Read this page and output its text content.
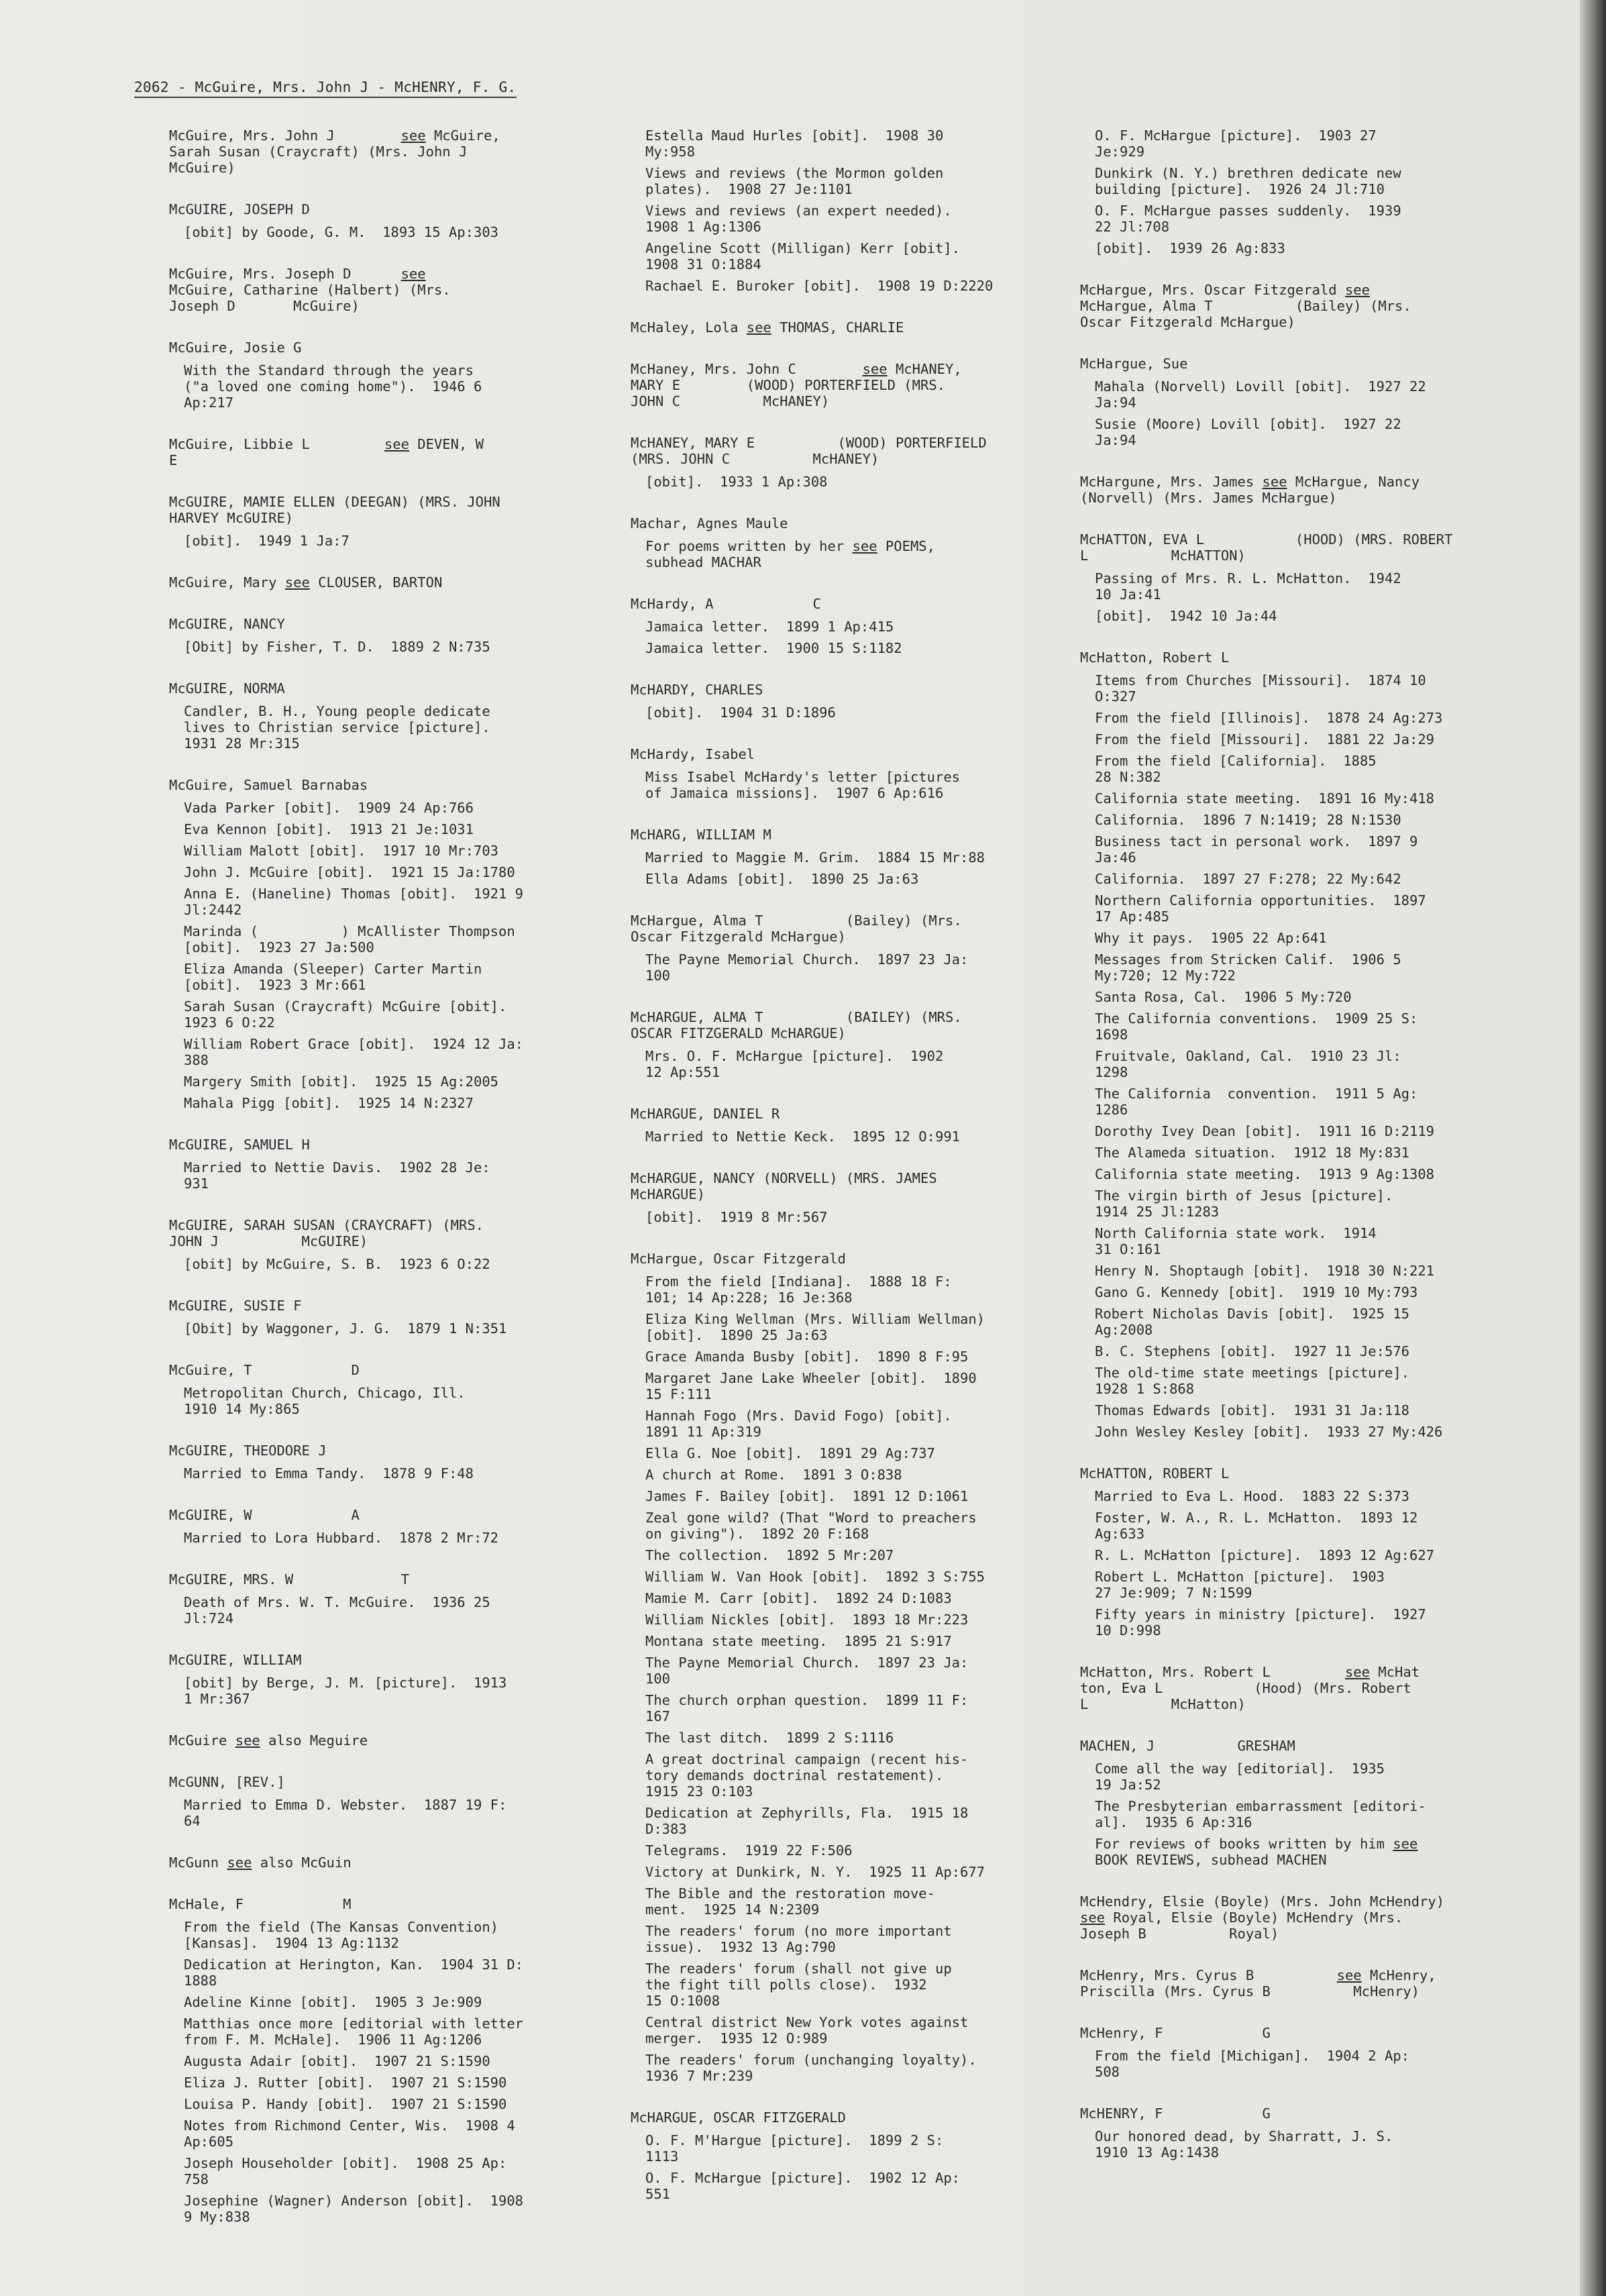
2062 - McGuire, Mrs. John J - McHENRY, F. G.
McGuire, Mrs. John J        see McGuire,
Sarah Susan (Craycraft) (Mrs. John J
McGuire)
McGUIRE, JOSEPH D
[obit] by Goode, G. M.  1893 15 Ap:303
McGuire, Mrs. Joseph D      see
McGuire, Catharine (Halbert) (Mrs.
Joseph D       McGuire)
McGuire, Josie G
With the Standard through the years
("a loved one coming home").  1946 6
Ap:217
McGuire, Libbie L         see DEVEN, W
E
McGUIRE, MAMIE ELLEN (DEEGAN) (MRS. JOHN
HARVEY McGUIRE)
[obit].  1949 1 Ja:7
McGuire, Mary see CLOUSER, BARTON
McGUIRE, NANCY
[Obit] by Fisher, T. D.  1889 2 N:735
McGUIRE, NORMA
Candler, B. H., Young people dedicate
lives to Christian service [picture].
1931 28 Mr:315
McGuire, Samuel Barnabas
Vada Parker [obit].  1909 24 Ap:766
Eva Kennon [obit].  1913 21 Je:1031
William Malott [obit].  1917 10 Mr:703
John J. McGuire [obit].  1921 15 Ja:1780
Anna E. (Haneline) Thomas [obit].  1921 9
Jl:2442
Marinda (          ) McAllister Thompson
[obit].  1923 27 Ja:500
Eliza Amanda (Sleeper) Carter Martin
[obit].  1923 3 Mr:661
Sarah Susan (Craycraft) McGuire [obit].
1923 6 O:22
William Robert Grace [obit].  1924 12 Ja:
388
Margery Smith [obit].  1925 15 Ag:2005
Mahala Pigg [obit].  1925 14 N:2327
McGUIRE, SAMUEL H
Married to Nettie Davis.  1902 28 Je:
931
McGUIRE, SARAH SUSAN (CRAYCRAFT) (MRS.
JOHN J          McGUIRE)
[obit] by McGuire, S. B.  1923 6 O:22
McGUIRE, SUSIE F
[Obit] by Waggoner, J. G.  1879 1 N:351
McGuire, T            D
Metropolitan Church, Chicago, Ill.
1910 14 My:865
McGUIRE, THEODORE J
Married to Emma Tandy.  1878 9 F:48
McGUIRE, W            A
Married to Lora Hubbard.  1878 2 Mr:72
McGUIRE, MRS. W             T
Death of Mrs. W. T. McGuire.  1936 25
Jl:724
McGUIRE, WILLIAM
[obit] by Berge, J. M. [picture].  1913
1 Mr:367
McGuire see also Meguire
McGUNN, [REV.]
Married to Emma D. Webster.  1887 19 F:
64
McGunn see also McGuin
McHale, F            M
From the field (The Kansas Convention)
[Kansas].  1904 13 Ag:1132
Dedication at Herington, Kan.  1904 31 D:
1888
Adeline Kinne [obit].  1905 3 Je:909
Matthias once more [editorial with letter
from F. M. McHale].  1906 11 Ag:1206
Augusta Adair [obit].  1907 21 S:1590
Eliza J. Rutter [obit].  1907 21 S:1590
Louisa P. Handy [obit].  1907 21 S:1590
Notes from Richmond Center, Wis.  1908 4
Ap:605
Joseph Householder [obit].  1908 25 Ap:
758
Josephine (Wagner) Anderson [obit].  1908
9 My:838
Estella Maud Hurles [obit].  1908 30
My:958
Views and reviews (the Mormon golden
plates).  1908 27 Je:1101
Views and reviews (an expert needed).
1908 1 Ag:1306
Angeline Scott (Milligan) Kerr [obit].
1908 31 O:1884
Rachael E. Buroker [obit].  1908 19 D:2220
McHaley, Lola see THOMAS, CHARLIE
McHaney, Mrs. John C        see McHANEY,
MARY E        (WOOD) PORTERFIELD (MRS.
JOHN C          McHANEY)
McHANEY, MARY E          (WOOD) PORTERFIELD
(MRS. JOHN C          McHANEY)
[obit].  1933 1 Ap:308
Machar, Agnes Maule
For poems written by her see POEMS,
subhead MACHAR
McHardy, A            C
Jamaica letter.  1899 1 Ap:415
Jamaica letter.  1900 15 S:1182
McHARDY, CHARLES
[obit].  1904 31 D:1896
McHardy, Isabel
Miss Isabel McHardy's letter [pictures
of Jamaica missions].  1907 6 Ap:616
McHARG, WILLIAM M
Married to Maggie M. Grim.  1884 15 Mr:88
Ella Adams [obit].  1890 25 Ja:63
McHargue, Alma T          (Bailey) (Mrs.
Oscar Fitzgerald McHargue)
The Payne Memorial Church.  1897 23 Ja:
100
McHARGUE, ALMA T          (BAILEY) (MRS.
OSCAR FITZGERALD McHARGUE)
Mrs. O. F. McHargue [picture].  1902
12 Ap:551
McHARGUE, DANIEL R
Married to Nettie Keck.  1895 12 O:991
McHARGUE, NANCY (NORVELL) (MRS. JAMES
McHARGUE)
[obit].  1919 8 Mr:567
McHargue, Oscar Fitzgerald
From the field [Indiana].  1888 18 F:
101; 14 Ap:228; 16 Je:368
Eliza King Wellman (Mrs. William Wellman)
[obit].  1890 25 Ja:63
Grace Amanda Busby [obit].  1890 8 F:95
Margaret Jane Lake Wheeler [obit].  1890
15 F:111
Hannah Fogo (Mrs. David Fogo) [obit].
1891 11 Ap:319
Ella G. Noe [obit].  1891 29 Ag:737
A church at Rome.  1891 3 O:838
James F. Bailey [obit].  1891 12 D:1061
Zeal gone wild? (That "Word to preachers
on giving").  1892 20 F:168
The collection.  1892 5 Mr:207
William W. Van Hook [obit].  1892 3 S:755
Mamie M. Carr [obit].  1892 24 D:1083
William Nickles [obit].  1893 18 Mr:223
Montana state meeting.  1895 21 S:917
The Payne Memorial Church.  1897 23 Ja:
100
The church orphan question.  1899 11 F:
167
The last ditch.  1899 2 S:1116
A great doctrinal campaign (recent his-
tory demands doctrinal restatement).
1915 23 O:103
Dedication at Zephyrills, Fla.  1915 18
D:383
Telegrams.  1919 22 F:506
Victory at Dunkirk, N. Y.  1925 11 Ap:677
The Bible and the restoration move-
ment.  1925 14 N:2309
The readers' forum (no more important
issue).  1932 13 Ag:790
The readers' forum (shall not give up
the fight till polls close).  1932
15 O:1008
Central district New York votes against
merger.  1935 12 O:989
The readers' forum (unchanging loyalty).
1936 7 Mr:239
McHARGUE, OSCAR FITZGERALD
O. F. M'Hargue [picture].  1899 2 S:
1113
O. F. McHargue [picture].  1902 12 Ap:
551
O. F. McHargue [picture].  1903 27
Je:929
Dunkirk (N. Y.) brethren dedicate new
building [picture].  1926 24 Jl:710
O. F. McHargue passes suddenly.  1939
22 Jl:708
[obit].  1939 26 Ag:833
McHargue, Mrs. Oscar Fitzgerald see
McHargue, Alma T          (Bailey) (Mrs.
Oscar Fitzgerald McHargue)
McHargue, Sue
Mahala (Norvell) Lovill [obit].  1927 22
Ja:94
Susie (Moore) Lovill [obit].  1927 22
Ja:94
McHargune, Mrs. James see McHargue, Nancy
(Norvell) (Mrs. James McHargue)
McHATTON, EVA L           (HOOD) (MRS. ROBERT
L          McHATTON)
Passing of Mrs. R. L. McHatton.  1942
10 Ja:41
[obit].  1942 10 Ja:44
McHatton, Robert L
Items from Churches [Missouri].  1874 10
O:327
From the field [Illinois].  1878 24 Ag:273
From the field [Missouri].  1881 22 Ja:29
From the field [California].  1885
28 N:382
California state meeting.  1891 16 My:418
California.  1896 7 N:1419; 28 N:1530
Business tact in personal work.  1897 9
Ja:46
California.  1897 27 F:278; 22 My:642
Northern California opportunities.  1897
17 Ap:485
Why it pays.  1905 22 Ap:641
Messages from Stricken Calif.  1906 5
My:720; 12 My:722
Santa Rosa, Cal.  1906 5 My:720
The California conventions.  1909 25 S:
1698
Fruitvale, Oakland, Cal.  1910 23 Jl:
1298
The California  convention.  1911 5 Ag:
1286
Dorothy Ivey Dean [obit].  1911 16 D:2119
The Alameda situation.  1912 18 My:831
California state meeting.  1913 9 Ag:1308
The virgin birth of Jesus [picture].
1914 25 Jl:1283
North California state work.  1914
31 O:161
Henry N. Shoptaugh [obit].  1918 30 N:221
Gano G. Kennedy [obit].  1919 10 My:793
Robert Nicholas Davis [obit].  1925 15
Ag:2008
B. C. Stephens [obit].  1927 11 Je:576
The old-time state meetings [picture].
1928 1 S:868
Thomas Edwards [obit].  1931 31 Ja:118
John Wesley Kesley [obit].  1933 27 My:426
McHATTON, ROBERT L
Married to Eva L. Hood.  1883 22 S:373
Foster, W. A., R. L. McHatton.  1893 12
Ag:633
R. L. McHatton [picture].  1893 12 Ag:627
Robert L. McHatton [picture].  1903
27 Je:909; 7 N:1599
Fifty years in ministry [picture].  1927
10 D:998
McHatton, Mrs. Robert L         see McHat
ton, Eva L           (Hood) (Mrs. Robert
L          McHatton)
MACHEN, J          GRESHAM
Come all the way [editorial].  1935
19 Ja:52
The Presbyterian embarrassment [editori-
al].  1935 6 Ap:316
For reviews of books written by him see
BOOK REVIEWS, subhead MACHEN
McHendry, Elsie (Boyle) (Mrs. John McHendry)
see Royal, Elsie (Boyle) McHendry (Mrs.
Joseph B          Royal)
McHenry, Mrs. Cyrus B          see McHenry,
Priscilla (Mrs. Cyrus B          McHenry)
McHenry, F            G
From the field [Michigan].  1904 2 Ap:
508
McHENRY, F            G
Our honored dead, by Sharratt, J. S.
1910 13 Ag:1438
